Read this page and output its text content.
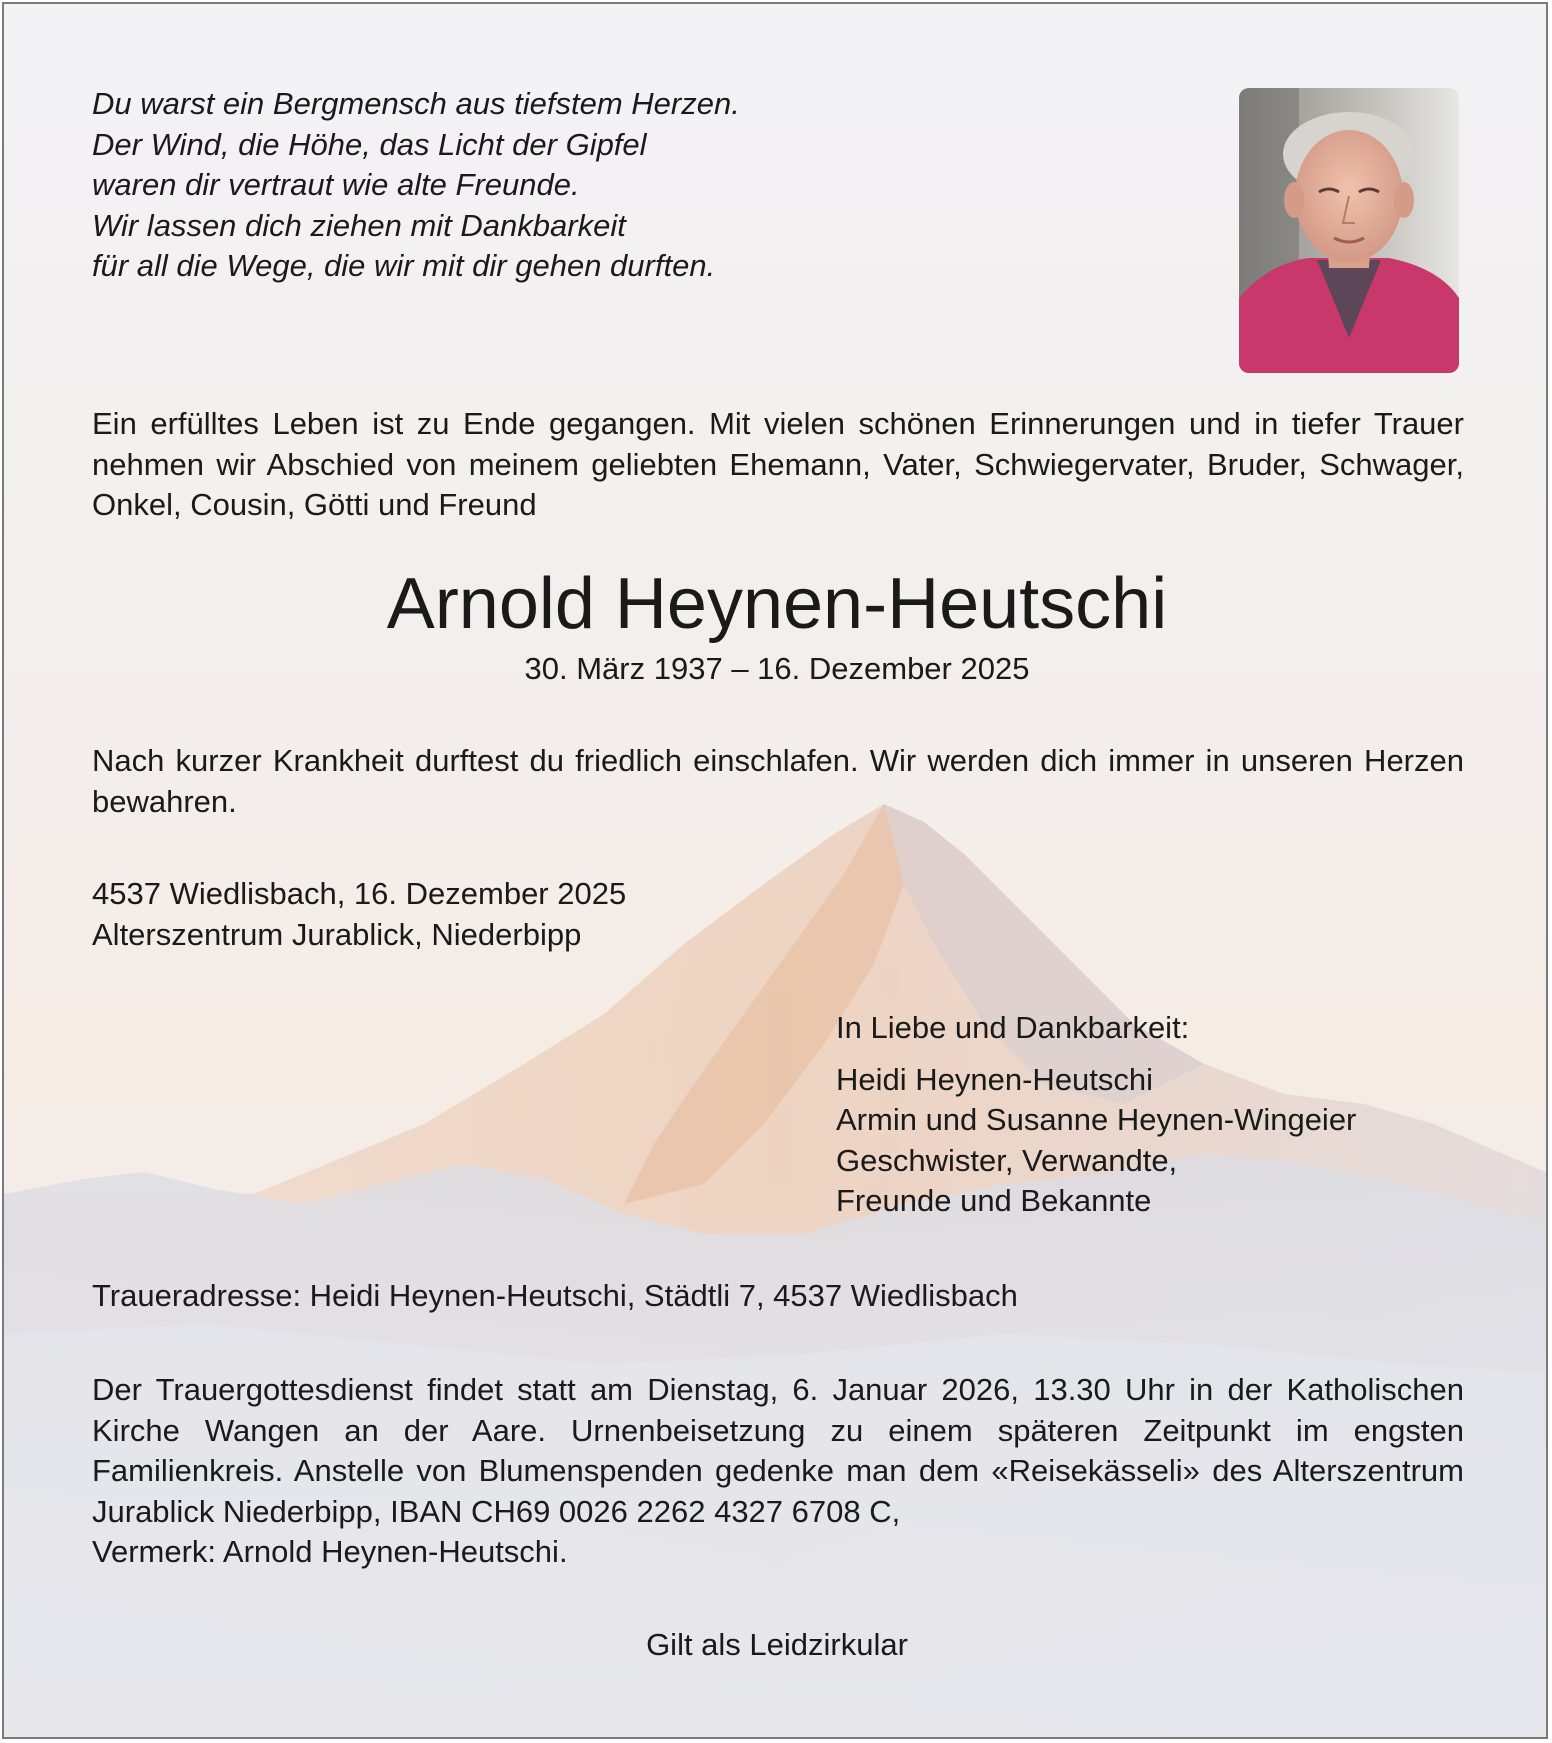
Du warst ein Bergmensch aus tiefstem Herzen.
Der Wind, die Höhe, das Licht der Gipfel
waren dir vertraut wie alte Freunde.
Wir lassen dich ziehen mit Dankbarkeit
für all die Wege, die wir mit dir gehen durften.

Ein erfülltes Leben ist zu Ende gegangen. Mit vielen schönen Erinnerungen und in tiefer Trauer nehmen wir Abschied von meinem geliebten Ehemann, Vater, Schwiegervater, Bruder, Schwager, Onkel, Cousin, Götti und Freund

Arnold Heynen-Heutschi

30. März 1937 – 16. Dezember 2025

Nach kurzer Krankheit durftest du friedlich einschlafen. Wir werden dich immer in unseren Herzen bewahren.

4537 Wiedlisbach, 16. Dezember 2025
Alterszentrum Jurablick, Niederbipp

In Liebe und Dankbarkeit:
Heidi Heynen-Heutschi
Armin und Susanne Heynen-Wingeier
Geschwister, Verwandte,
Freunde und Bekannte

Traueradresse: Heidi Heynen-Heutschi, Städtli 7, 4537 Wiedlisbach

Der Trauergottesdienst findet statt am Dienstag, 6. Januar 2026, 13.30 Uhr in der Katholischen Kirche Wangen an der Aare. Urnenbeisetzung zu einem späteren Zeitpunkt im engsten Familienkreis. Anstelle von Blumenspenden gedenke man dem «Reisekässeli» des Alterszentrum Jurablick Niederbipp, IBAN CH69 0026 2262 4327 6708 C,
Vermerk: Arnold Heynen-Heutschi.

Gilt als Leidzirkular
